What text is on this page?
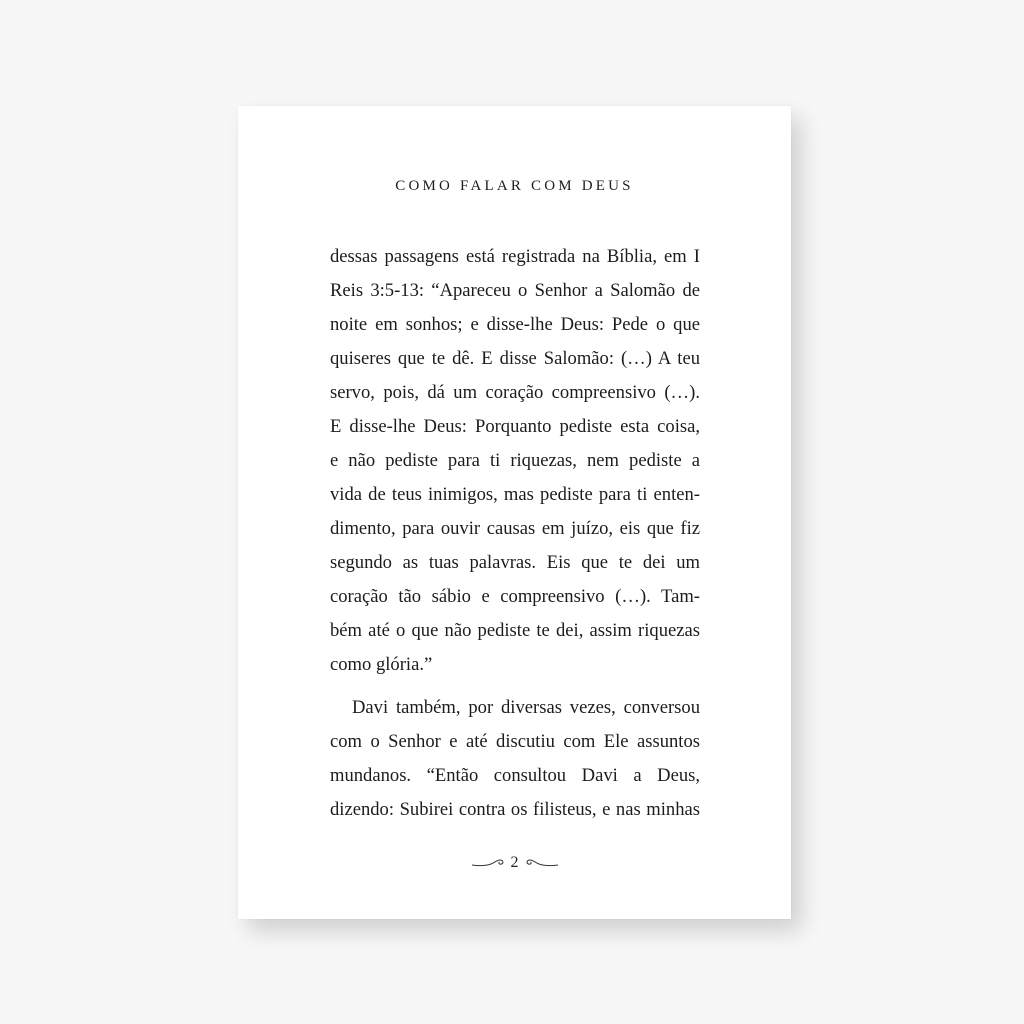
COMO FALAR COM DEUS
dessas passagens está registrada na Bíblia, em I
Reis 3:5-13: “Apareceu o Senhor a Salomão de
noite em sonhos; e disse-lhe Deus: Pede o que
quiseres que te dê. E disse Salomão: (…) A teu
servo, pois, dá um coração compreensivo (…).
E disse-lhe Deus: Porquanto pediste esta coisa,
e não pediste para ti riquezas, nem pediste a
vida de teus inimigos, mas pediste para ti enten-
dimento, para ouvir causas em juízo, eis que fiz
segundo as tuas palavras. Eis que te dei um
coração tão sábio e compreensivo (…). Tam-
bém até o que não pediste te dei, assim riquezas
como glória.”
Davi também, por diversas vezes, conversou
com o Senhor e até discutiu com Ele assuntos
mundanos. “Então consultou Davi a Deus,
dizendo: Subirei contra os filisteus, e nas minhas
2
